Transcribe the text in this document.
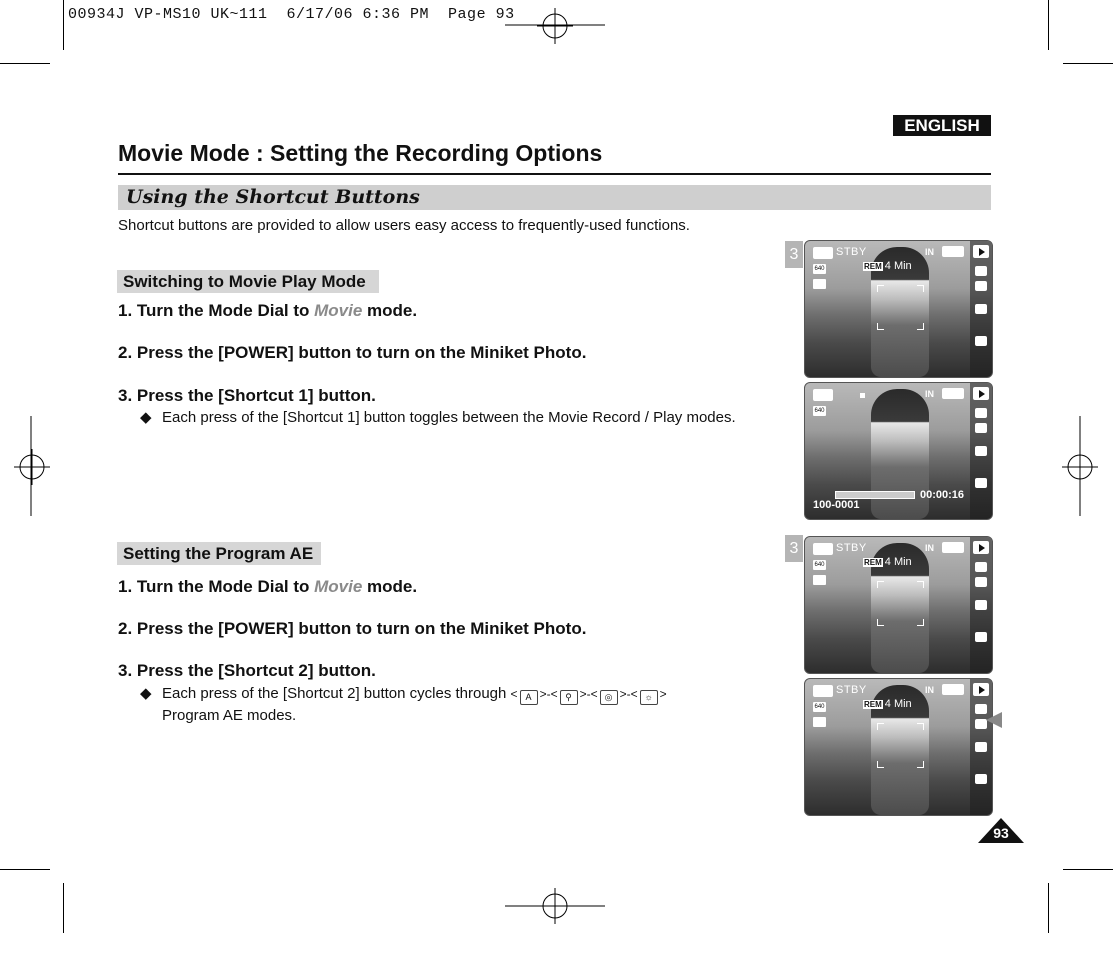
00934J VP-MS10 UK~111  6/17/06 6:36 PM  Page 93
ENGLISH
Movie Mode : Setting the Recording Options
Using the Shortcut Buttons
Shortcut buttons are provided to allow users easy access to frequently-used functions.
Switching to Movie Play Mode
1. Turn the Mode Dial to Movie mode.
2. Press the [POWER] button to turn on the Miniket Photo.
3. Press the [Shortcut 1] button.
◆ Each press of the [Shortcut 1] button toggles between the Movie Record / Play modes.
Setting the Program AE
1. Turn the Mode Dial to Movie mode.
2. Press the [POWER] button to turn on the Miniket Photo.
3. Press the [Shortcut 2] button.
◆ Each press of the [Shortcut 2] button cycles through < A >-< ⚲ >-< ◎ >-< ☼ >
Program AE modes.
3
3
STBY
REM 4 Min
640
IN
640
IN
00:00:16
100-0001
STBY
REM 4 Min
640
IN
STBY
REM 4 Min
640
IN
93
